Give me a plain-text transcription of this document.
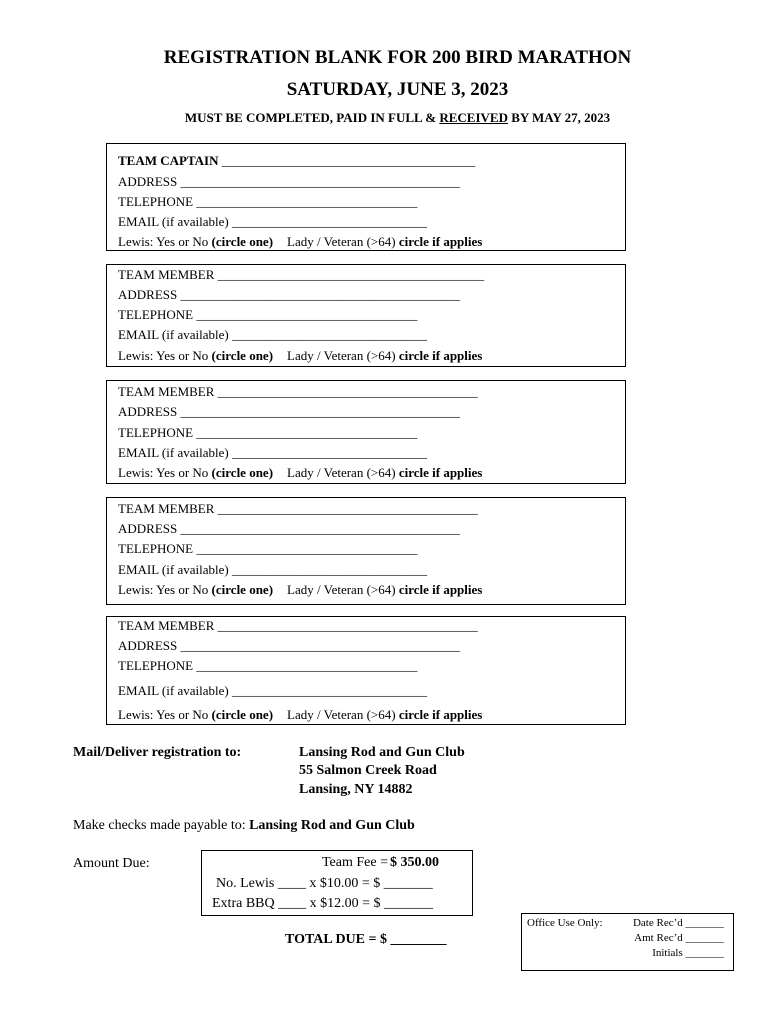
REGISTRATION BLANK FOR 200 BIRD MARATHON
SATURDAY, JUNE 3, 2023
MUST BE COMPLETED, PAID IN FULL & RECEIVED BY MAY 27, 2023
TEAM CAPTAIN _______________________________________
ADDRESS ___________________________________________
TELEPHONE __________________________________
EMAIL (if available) ______________________________
Lewis: Yes or No (circle one) Lady / Veteran (>64) circle if applies
TEAM MEMBER _________________________________________
ADDRESS ___________________________________________
TELEPHONE __________________________________
EMAIL (if available) ______________________________
Lewis: Yes or No (circle one) Lady / Veteran (>64) circle if applies
TEAM MEMBER ________________________________________
ADDRESS ___________________________________________
TELEPHONE __________________________________
EMAIL (if available) ______________________________
Lewis: Yes or No (circle one) Lady / Veteran (>64) circle if applies
TEAM MEMBER ________________________________________
ADDRESS ___________________________________________
TELEPHONE __________________________________
EMAIL (if available) ______________________________
Lewis: Yes or No (circle one) Lady / Veteran (>64) circle if applies
TEAM MEMBER ________________________________________
ADDRESS ___________________________________________
TELEPHONE __________________________________
EMAIL (if available) ______________________________
Lewis: Yes or No (circle one) Lady / Veteran (>64) circle if applies
Mail/Deliver registration to:	Lansing Rod and Gun Club
55 Salmon Creek Road
Lansing, NY 14882
Make checks made payable to: Lansing Rod and Gun Club
Amount Due:	Team Fee = $ 350.00
No. Lewis ____ x $10.00 = $ _______
Extra BBQ ____ x $12.00 = $ _______
TOTAL DUE = $ ________
Office Use Only:	Date Rec’d _______
Amt Rec’d _______
Initials _______
